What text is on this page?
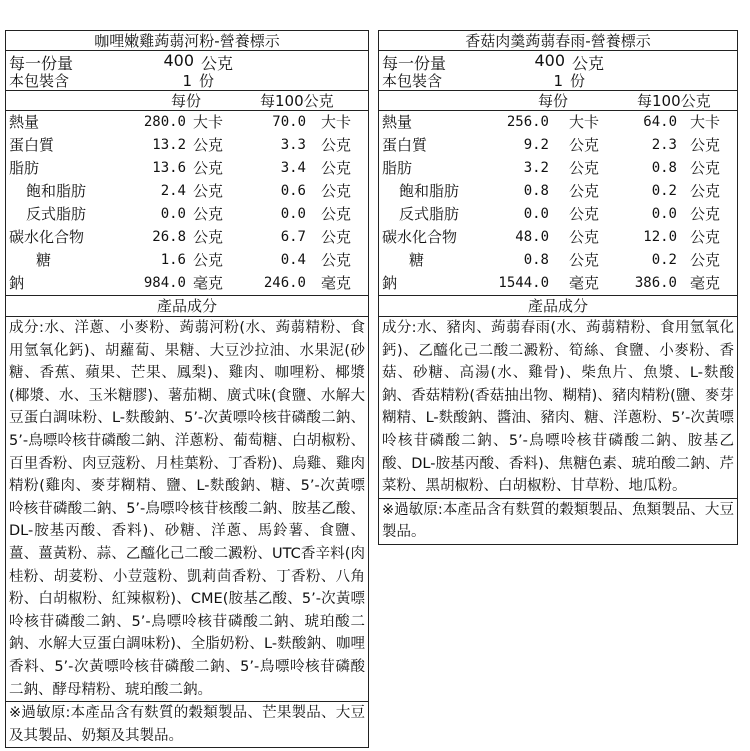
咖哩嫩雞蒟蒻河粉-營養標示
每一份量	400 公克
本包裝含	1 份
每份	每100公克
熱量	280.0 大卡	70.0 大卡
蛋白質	13.2 公克	3.3 公克
脂肪	13.6 公克	3.4 公克
飽和脂肪	2.4 公克	0.6 公克
反式脂肪	0.0 公克	0.0 公克
碳水化合物	26.8 公克	6.7 公克
糖	1.6 公克	0.4 公克
鈉	984.0 毫克	246.0 毫克
產品成分
成分:水、洋蔥、小麥粉、蒟蒻河粉(水、蒟蒻精粉、食用氫氧化鈣)、胡蘿蔔、果糖、大豆沙拉油、水果泥(砂糖、香蕉、蘋果、芒果、鳳梨)、雞肉、咖哩粉、椰漿(椰漿、水、玉米糖膠)、薯茄糊、廣式味(食鹽、水解大豆蛋白調味粉、L-麩酸鈉、5’-次黃嘌呤核苷磷酸二鈉、5’-鳥嘌呤核苷磷酸二鈉、洋蔥粉、葡萄糖、白胡椒粉、百里香粉、肉豆蔻粉、月桂葉粉、丁香粉)、烏雞、雞肉精粉(雞肉、麥芽糊精、鹽、L-麩酸鈉、糖、5’-次黃嘌呤核苷磷酸二鈉、5’-鳥嘌呤核苷核酸二鈉、胺基乙酸、DL-胺基丙酸、香料)、砂糖、洋蔥、馬鈴薯、食鹽、 薑、薑黃粉、蒜、乙醯化己二酸二澱粉、UTC香辛料(肉桂粉、胡荽粉、小荳蔻粉、凱莉茴香粉、丁香粉、八角粉、白胡椒粉、紅辣椒粉)、CME(胺基乙酸、5’-次黃嘌呤核苷磷酸二鈉、5’-鳥嘌呤核苷磷酸二鈉、琥珀酸二鈉、水解大豆蛋白調味粉)、全脂奶粉、L-麩酸鈉、咖哩香料、5’-次黃嘌呤核苷磷酸二鈉、5’-鳥嘌呤核苷磷酸二鈉、酵母精粉、琥珀酸二鈉。
※過敏原:本產品含有麩質的穀類製品、芒果製品、大豆及其製品、奶類及其製品。
香菇肉羹蒟蒻春雨-營養標示
每一份量	400 公克
本包裝含	1 份
每份	每100公克
熱量	256.0 大卡	64.0 大卡
蛋白質	9.2 公克	2.3 公克
脂肪	3.2 公克	0.8 公克
飽和脂肪	0.8 公克	0.2 公克
反式脂肪	0.0 公克	0.0 公克
碳水化合物	48.0 公克	12.0 公克
糖	0.8 公克	0.2 公克
鈉	1544.0 毫克	386.0 毫克
產品成分
成分:水、豬肉、蒟蒻春雨(水、蒟蒻精粉、食用氫氧化鈣)、乙醯化己二酸二澱粉、筍絲、食鹽、小麥粉、香菇、砂糖、高湯(水、雞骨)、柴魚片、魚漿、L-麩酸鈉、香菇精粉(香菇抽出物、糊精)、豬肉精粉(鹽、麥芽糊精、L-麩酸鈉、醬油、豬肉、糖、洋蔥粉、5’-次黃嘌呤核苷磷酸二鈉、5’-鳥嘌呤核苷磷酸二鈉、胺基乙酸、DL-胺基丙酸、香料)、焦糖色素、琥珀酸二鈉、芹菜粉、黑胡椒粉、白胡椒粉、甘草粉、地瓜粉。
※過敏原:本產品含有麩質的穀類製品、魚類製品、大豆製品。
